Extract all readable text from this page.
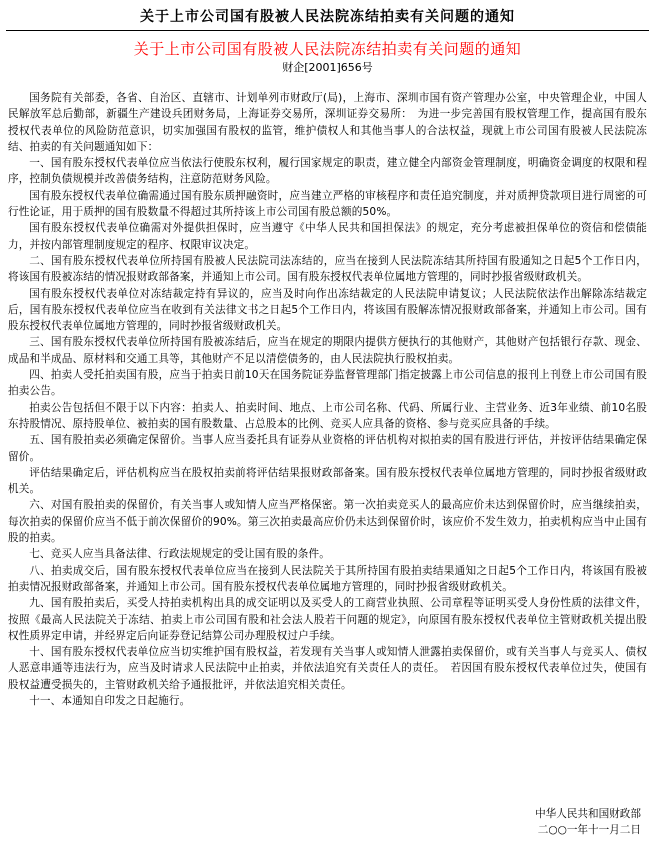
关于上市公司国有股被人民法院冻结拍卖有关问题的通知
关于上市公司国有股被人民法院冻结拍卖有关问题的通知
财企[2001]656号

国务院有关部委，各省、自治区、直辖市、计划单列市财政厅(局)，上海市、深圳市国有资产管理办公室，中央管理企业，中国人民解放军总后勤部，新疆生产建设兵团财务局，上海证券交易所，深圳证券交易所：　为进一步完善国有股权管理工作，提高国有股东授权代表单位的风险防范意识，切实加强国有股权的监管，维护债权人和其他当事人的合法权益，现就上市公司国有股被人民法院冻结、拍卖的有关问题通知如下：

一、国有股东授权代表单位应当依法行使股东权利，履行国家规定的职责，建立健全内部资金管理制度，明确资金调度的权限和程序，控制负债规模并改善债务结构，注意防范财务风险。

国有股东授权代表单位确需通过国有股东质押融资时，应当建立严格的审核程序和责任追究制度，并对质押贷款项目进行周密的可行性论证，用于质押的国有股数量不得超过其所持该上市公司国有股总额的50%。

国有股东授权代表单位确需对外提供担保时，应当遵守《中华人民共和国担保法》的规定，充分考虑被担保单位的资信和偿债能力，并按内部管理制度规定的程序、权限审议决定。

二、国有股东授权代表单位所持国有股被人民法院司法冻结的，应当在接到人民法院冻结其所持国有股通知之日起5个工作日内，将该国有股被冻结的情况报财政部备案，并通知上市公司。国有股东授权代表单位属地方管理的，同时抄报省级财政机关。

国有股东授权代表单位对冻结裁定持有异议的，应当及时向作出冻结裁定的人民法院申请复议；人民法院依法作出解除冻结裁定后，国有股东授权代表单位应当在收到有关法律文书之日起5个工作日内，将该国有股解冻情况报财政部备案，并通知上市公司。国有股东授权代表单位属地方管理的，同时抄报省级财政机关。

三、国有股东授权代表单位所持国有股被冻结后，应当在规定的期限内提供方便执行的其他财产，其他财产包括银行存款、现金、成品和半成品、原材料和交通工具等，其他财产不足以清偿债务的，由人民法院执行股权拍卖。

四、拍卖人受托拍卖国有股，应当于拍卖日前10天在国务院证券监督管理部门指定披露上市公司信息的报刊上刊登上市公司国有股拍卖公告。

拍卖公告包括但不限于以下内容：拍卖人、拍卖时间、地点、上市公司名称、代码、所属行业、主营业务、近3年业绩、前10名股东持股情况、原持股单位、被拍卖的国有股数量、占总股本的比例、竞买人应具备的资格、参与竞买应具备的手续。

五、国有股拍卖必须确定保留价。当事人应当委托具有证券从业资格的评估机构对拟拍卖的国有股进行评估，并按评估结果确定保留价。

评估结果确定后，评估机构应当在股权拍卖前将评估结果报财政部备案。国有股东授权代表单位属地方管理的，同时抄报省级财政机关。

六、对国有股拍卖的保留价，有关当事人或知情人应当严格保密。第一次拍卖竞买人的最高应价未达到保留价时，应当继续拍卖，每次拍卖的保留价应当不低于前次保留价的90%。第三次拍卖最高应价仍未达到保留价时，该应价不发生效力，拍卖机构应当中止国有股的拍卖。

七、竞买人应当具备法律、行政法规规定的受让国有股的条件。

八、拍卖成交后，国有股东授权代表单位应当在接到人民法院关于其所持国有股拍卖结果通知之日起5个工作日内，将该国有股被拍卖情况报财政部备案，并通知上市公司。国有股东授权代表单位属地方管理的，同时抄报省级财政机关。

九、国有股拍卖后，买受人持拍卖机构出具的成交证明以及买受人的工商营业执照、公司章程等证明买受人身份性质的法律文件，按照《最高人民法院关于冻结、拍卖上市公司国有股和社会法人股若干问题的规定》，向原国有股东授权代表单位主管财政机关提出股权性质界定申请，并经界定后向证券登记结算公司办理股权过户手续。

十、国有股东授权代表单位应当切实维护国有股权益，若发现有关当事人或知情人泄露拍卖保留价，或有关当事人与竞买人、债权人恶意串通等违法行为，应当及时请求人民法院中止拍卖，并依法追究有关责任人的责任。　若因国有股东授权代表单位过失，使国有股权益遭受损失的，主管财政机关给予通报批评，并依法追究相关责任。

十一、本通知自印发之日起施行。

中华人民共和国财政部
二○○一年十一月二日
